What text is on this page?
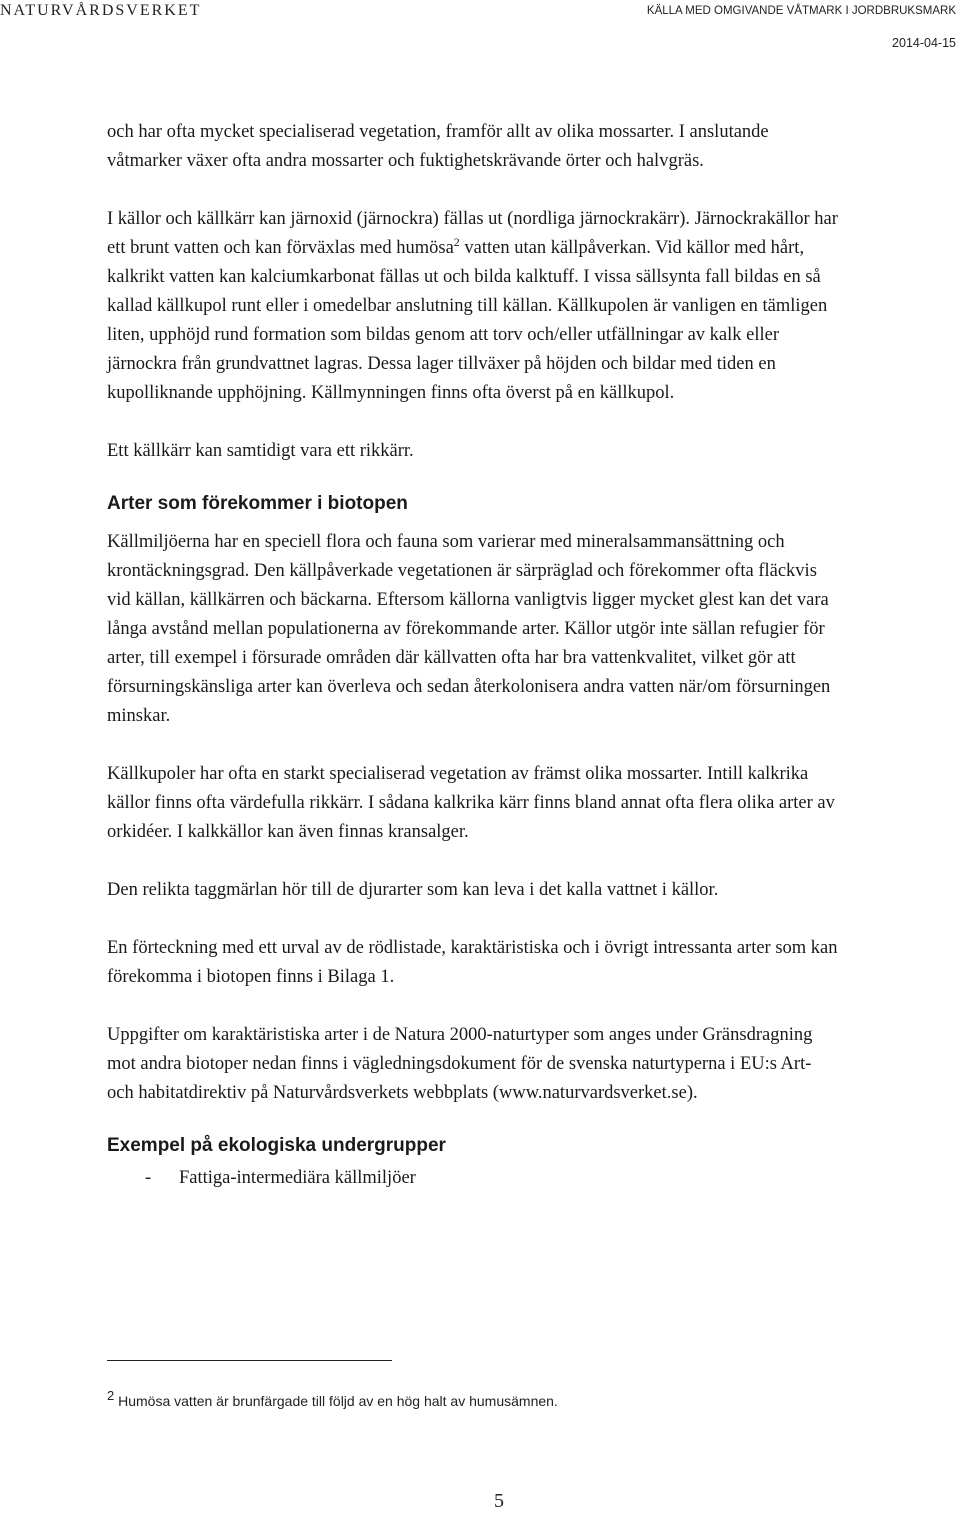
NATURVÅRDSVERKET	KÄLLA MED OMGIVANDE VÅTMARK I JORDBRUKSMARK
2014-04-15

och har ofta mycket specialiserad vegetation, framför allt av olika mossarter. I anslutande våtmarker växer ofta andra mossarter och fuktighetskrävande örter och halvgräs.

I källor och källkärr kan järnoxid (järnockra) fällas ut (nordliga järnockrakärr). Järnockrakällor har ett brunt vatten och kan förväxlas med humösa$^2$ vatten utan källpåverkan. Vid källor med hårt, kalkrikt vatten kan kalciumkarbonat fällas ut och bilda kalktuff. I vissa sällsynta fall bildas en så kallad källkupol runt eller i omedelbar anslutning till källan. Källkupolen är vanligen en tämligen liten, upphöjd rund formation som bildas genom att torv och/eller utfällningar av kalk eller järnockra från grundvattnet lagras. Dessa lager tillväxer på höjden och bildar med tiden en kupolliknande upphöjning. Källmynningen finns ofta överst på en källkupol.

Ett källkärr kan samtidigt vara ett rikkärr.

Arter som förekommer i biotopen

Källmiljöerna har en speciell flora och fauna som varierar med mineralsammansättning och krontäckningsgrad. Den källpåverkade vegetationen är särpräglad och förekommer ofta fläckvis vid källan, källkärren och bäckarna. Eftersom källorna vanligtvis ligger mycket glest kan det vara långa avstånd mellan populationerna av förekommande arter. Källor utgör inte sällan refugier för arter, till exempel i försurade områden där källvatten ofta har bra vattenkvalitet, vilket gör att försurningskänsliga arter kan överleva och sedan återkolonisera andra vatten när/om försurningen minskar.

Källkupoler har ofta en starkt specialiserad vegetation av främst olika mossarter. Intill kalkrika källor finns ofta värdefulla rikkärr. I sådana kalkrika kärr finns bland annat ofta flera olika arter av orkidéer. I kalkkällor kan även finnas kransalger.

Den relikta taggmärlan hör till de djurarter som kan leva i det kalla vattnet i källor.

En förteckning med ett urval av de rödlistade, karaktäristiska och i övrigt intressanta arter som kan förekomma i biotopen finns i Bilaga 1.

Uppgifter om karaktäristiska arter i de Natura 2000-naturtyper som anges under Gränsdragning mot andra biotoper nedan finns i vägledningsdokument för de svenska naturtyperna i EU:s Art- och habitatdirektiv på Naturvårdsverkets webbplats (www.naturvardsverket.se).

Exempel på ekologiska undergrupper
-	Fattiga-intermediära källmiljöer
$^2$ Humösa vatten är brunfärgade till följd av en hög halt av humusämnen.
5
